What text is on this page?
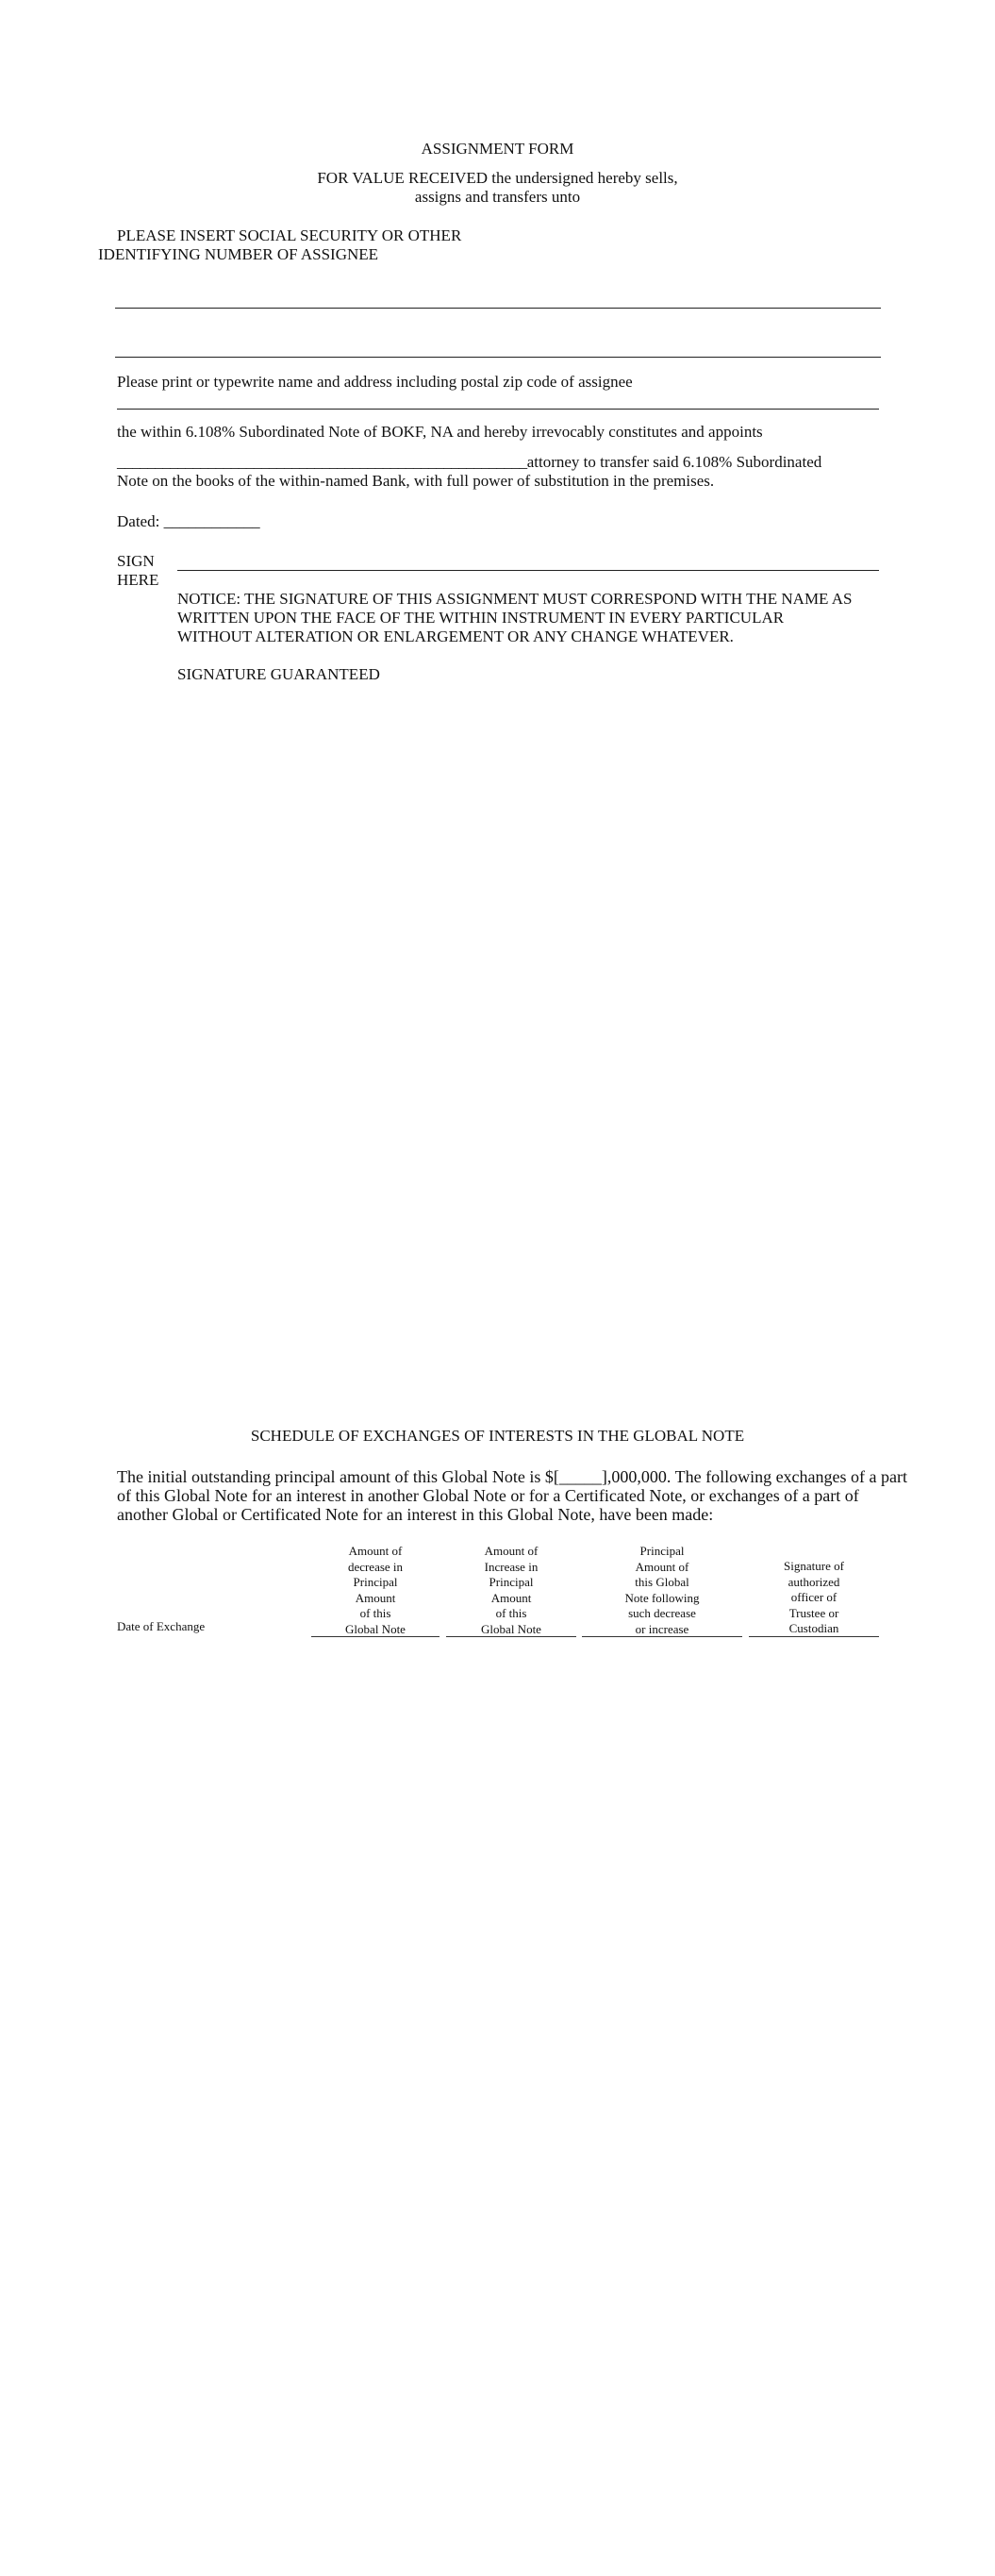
ASSIGNMENT FORM
FOR VALUE RECEIVED the undersigned hereby sells,
assigns and transfers unto
PLEASE INSERT SOCIAL SECURITY OR OTHER
IDENTIFYING NUMBER OF ASSIGNEE
Please print or typewrite name and address including postal zip code of assignee
the within 6.108% Subordinated Note of BOKF, NA and hereby irrevocably constitutes and appoints
______________________________________________________attorney to transfer said 6.108% Subordinated
Note on the books of the within-named Bank, with full power of substitution in the premises.
Dated: ____________
SIGN
HERE
NOTICE: THE SIGNATURE OF THIS ASSIGNMENT MUST CORRESPOND WITH THE NAME AS
WRITTEN UPON THE FACE OF THE WITHIN INSTRUMENT IN EVERY PARTICULAR
WITHOUT ALTERATION OR ENLARGEMENT OR ANY CHANGE WHATEVER.
SIGNATURE GUARANTEED
SCHEDULE OF EXCHANGES OF INTERESTS IN THE GLOBAL NOTE
The initial outstanding principal amount of this Global Note is $[_____],000,000. The following exchanges of a part
of this Global Note for an interest in another Global Note or for a Certificated Note, or exchanges of a part of
another Global or Certificated Note for an interest in this Global Note, have been made:
Date of Exchange
Amount of
decrease in
Principal
Amount
of this
Global Note
Amount of
Increase in
Principal
Amount
of this
Global Note
Principal
Amount of
this Global
Note following
such decrease
or increase
Signature of
authorized
officer of
Trustee or
Custodian
